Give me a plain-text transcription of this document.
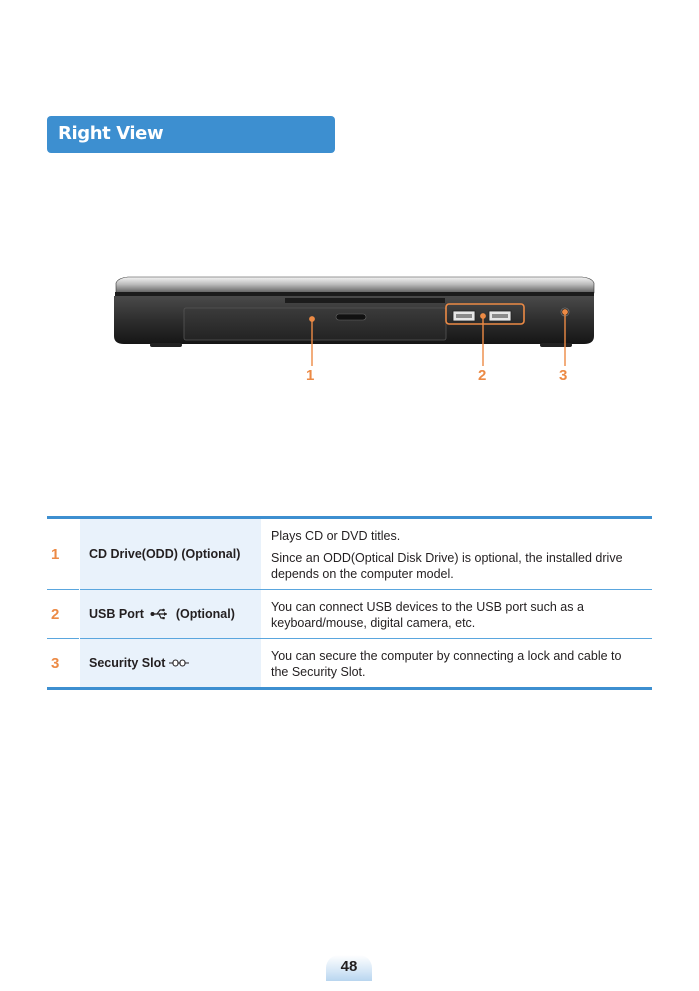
Right View
1	2	3
1	CD Drive(ODD) (Optional)	Plays CD or DVD titles.

Since an ODD(Optical Disk Drive) is optional, the installed drive depends on the computer model.

2	USB Port (Optional)	You can connect USB devices to the USB port such as a keyboard/mouse, digital camera, etc.

3	Security Slot	You can secure the computer by connecting a lock and cable to the Security Slot.

48
